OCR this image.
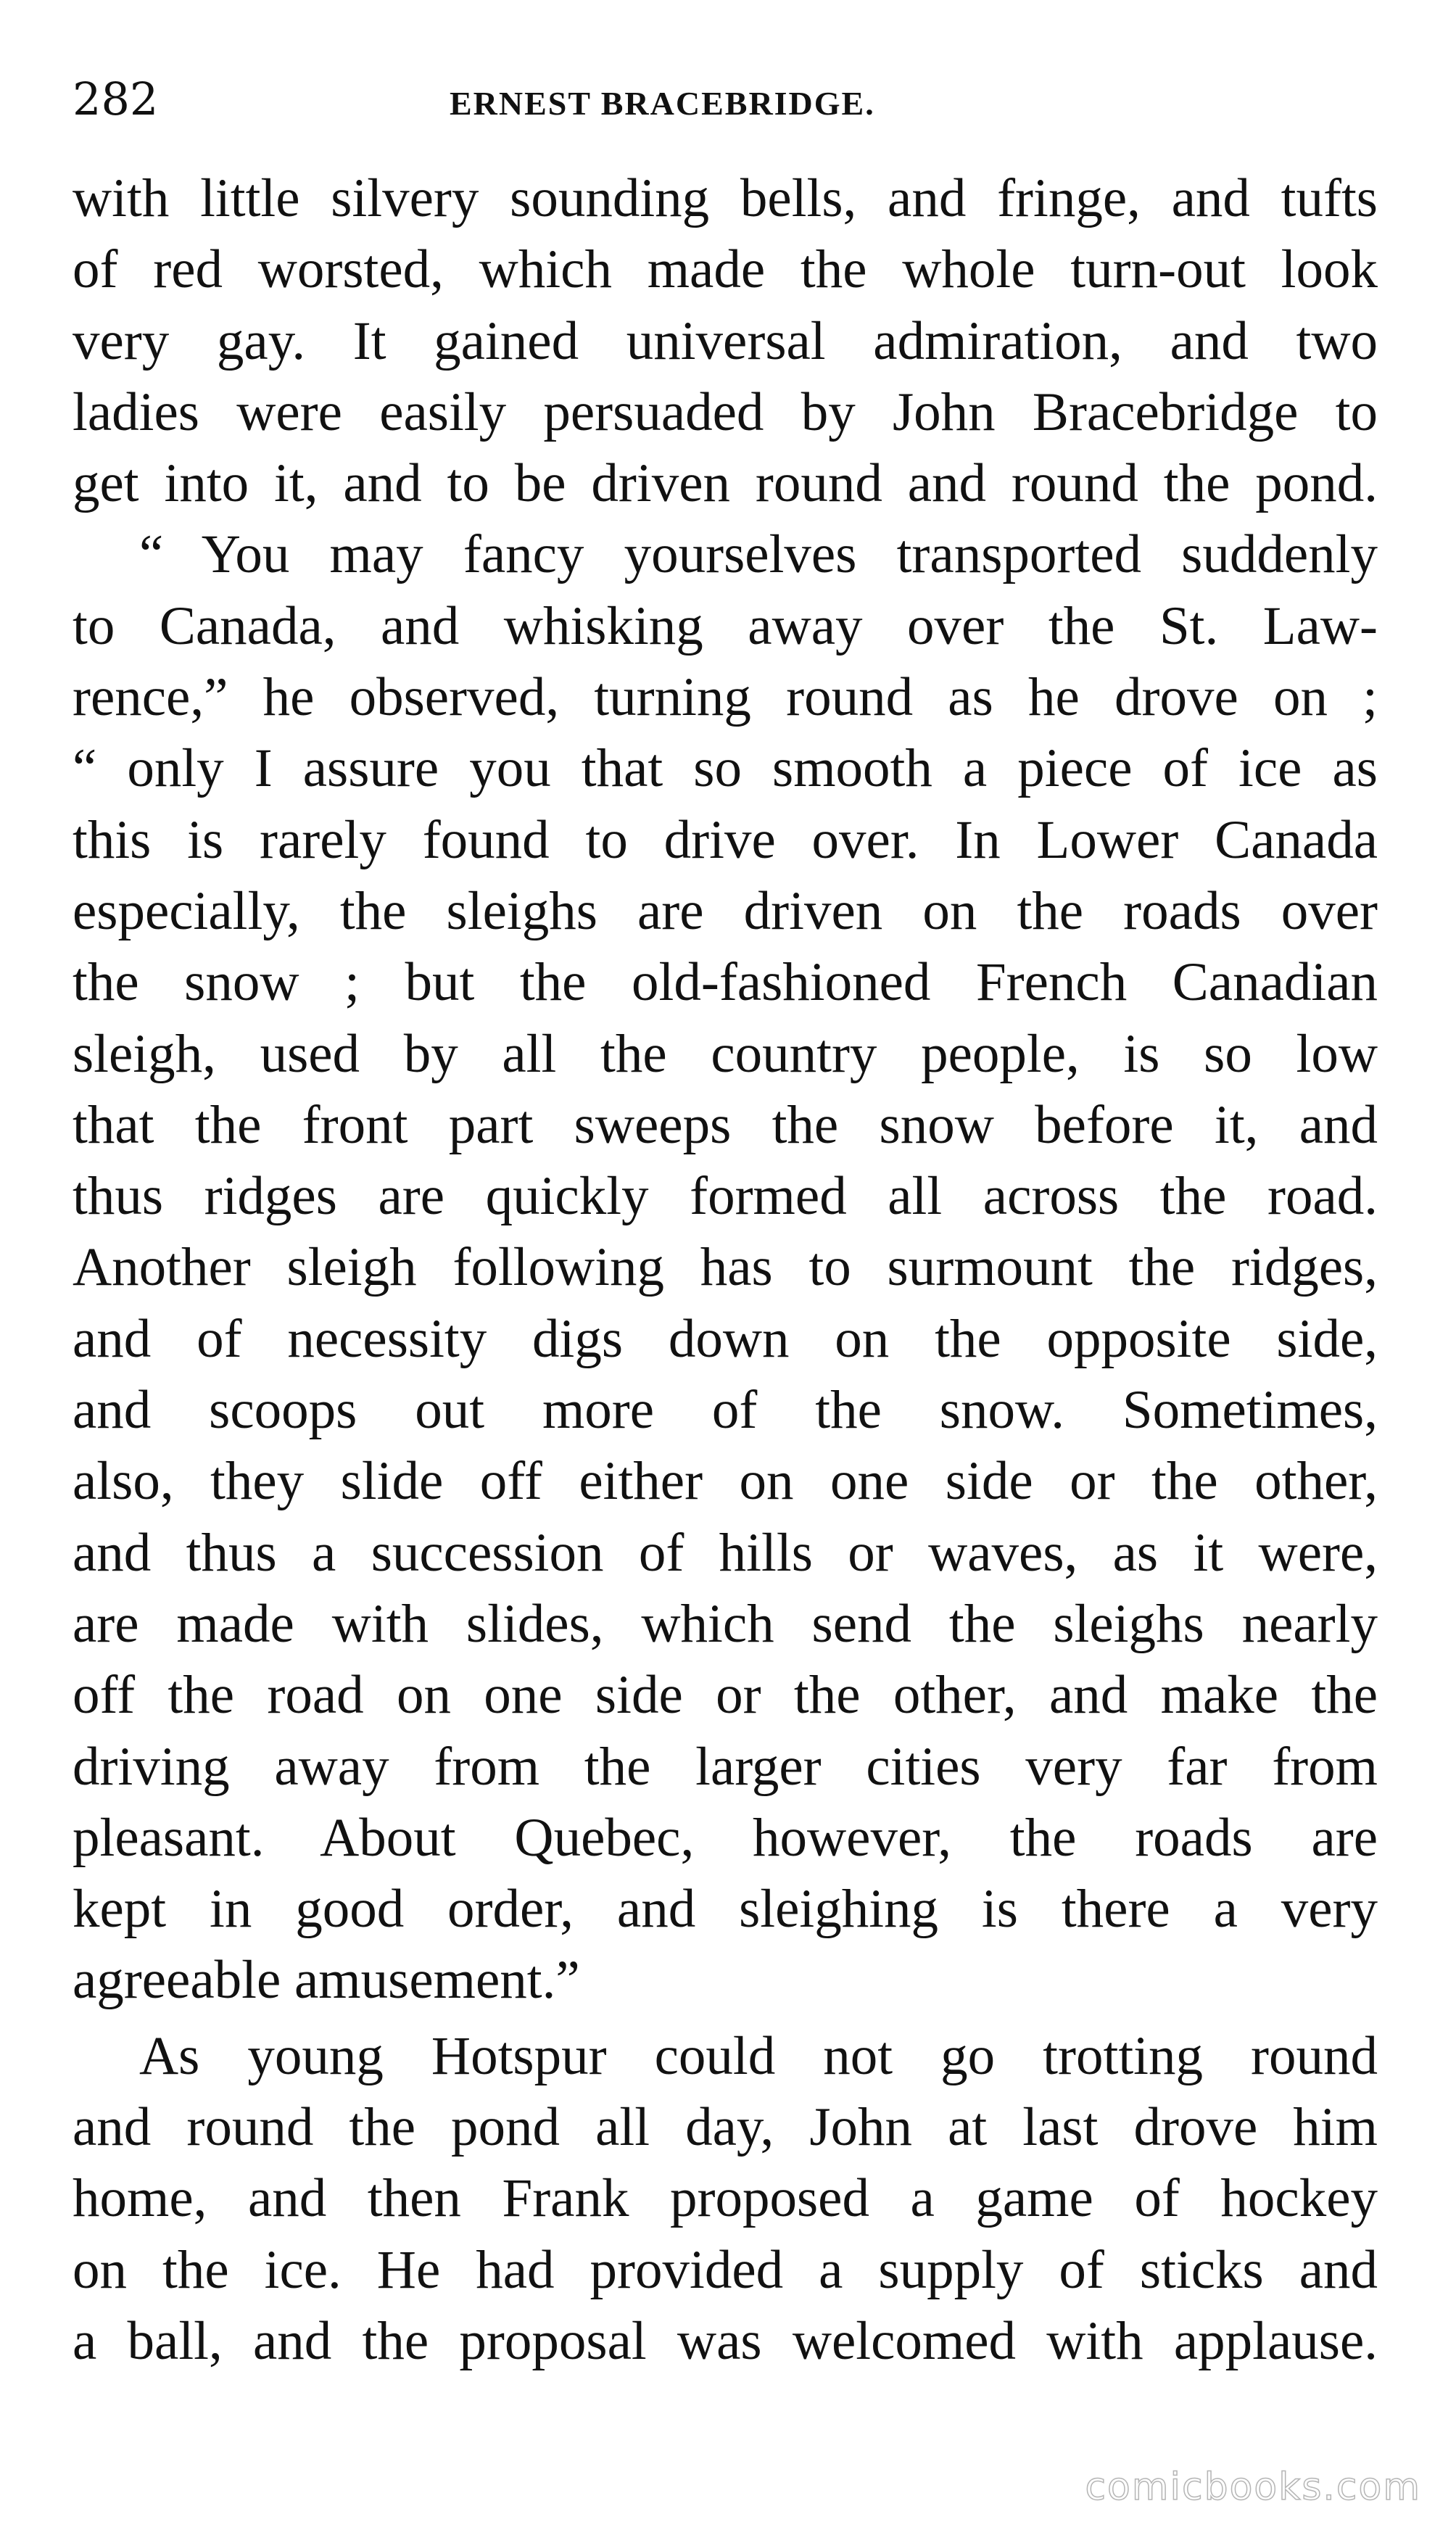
282	ERNEST BRACEBRIDGE.
with little silvery sounding bells, and fringe, and tufts
of red worsted, which made the whole turn-out look
very gay. It gained universal admiration, and two
ladies were easily persuaded by John Bracebridge to
get into it, and to be driven round and round the pond.
“ You may fancy yourselves transported suddenly
to Canada, and whisking away over the St. Law-
rence,” he observed, turning round as he drove on ;
“ only I assure you that so smooth a piece of ice as
this is rarely found to drive over. In Lower Canada
especially, the sleighs are driven on the roads over
the snow ; but the old-fashioned French Canadian
sleigh, used by all the country people, is so low
that the front part sweeps the snow before it, and
thus ridges are quickly formed all across the road.
Another sleigh following has to surmount the ridges,
and of necessity digs down on the opposite side,
and scoops out more of the snow. Sometimes,
also, they slide off either on one side or the other,
and thus a succession of hills or waves, as it were,
are made with slides, which send the sleighs nearly
off the road on one side or the other, and make the
driving away from the larger cities very far from
pleasant. About Quebec, however, the roads are
kept in good order, and sleighing is there a very
agreeable amusement.”
As young Hotspur could not go trotting round
and round the pond all day, John at last drove him
home, and then Frank proposed a game of hockey
on the ice. He had provided a supply of sticks and
a ball, and the proposal was welcomed with applause.
comicbooks.com
